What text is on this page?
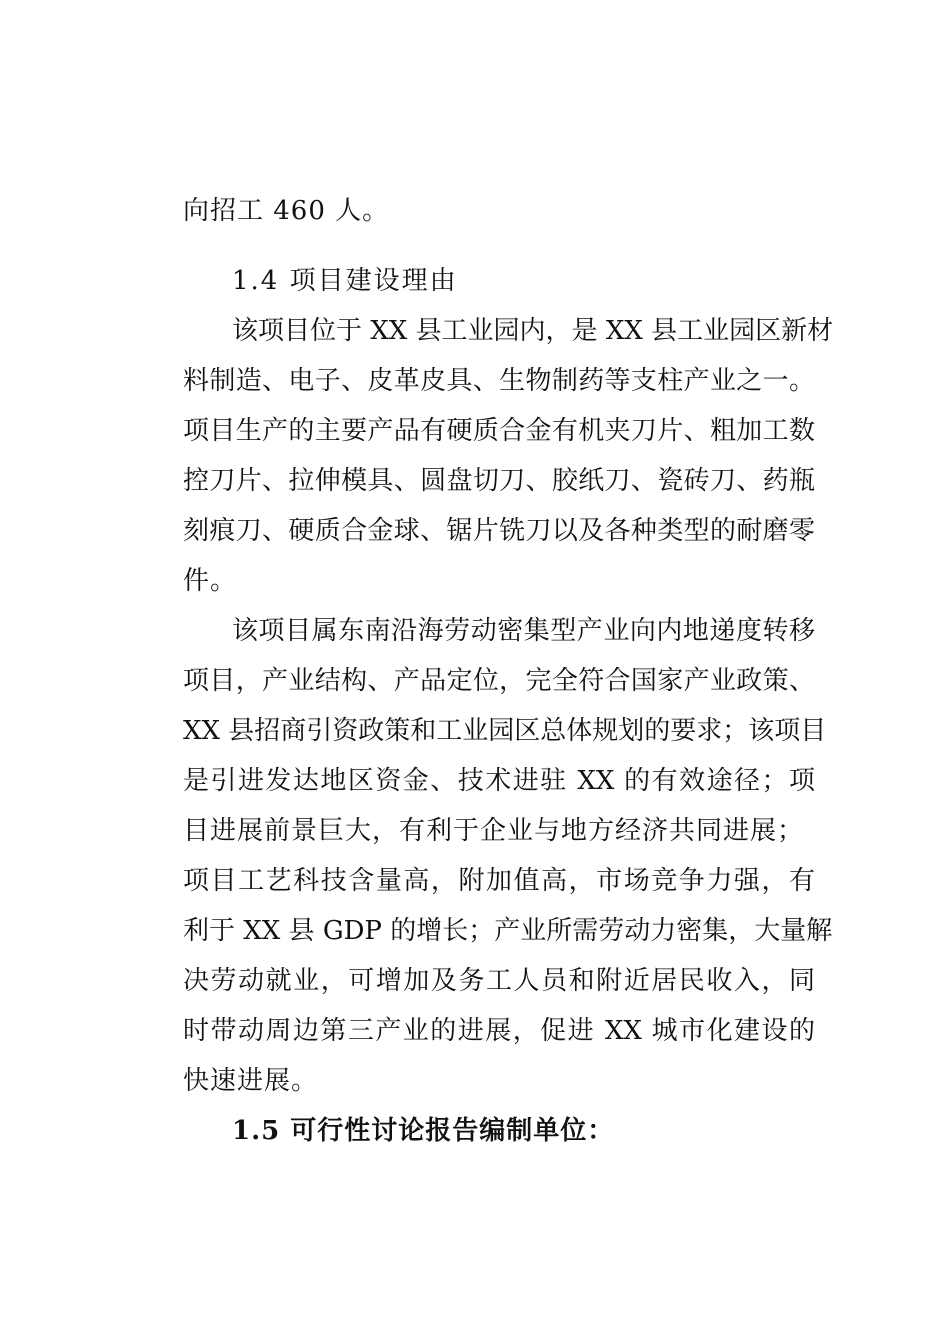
向招工 460 人。
1.4 项目建设理由
该项目位于 XX 县工业园内，是 XX 县工业园区新材
料制造、电子、皮革皮具、生物制药等支柱产业之一。
项目生产的主要产品有硬质合金有机夹刀片、粗加工数
控刀片、拉伸模具、圆盘切刀、胶纸刀、瓷砖刀、药瓶
刻痕刀、硬质合金球、锯片铣刀以及各种类型的耐磨零
件。
该项目属东南沿海劳动密集型产业向内地递度转移
项目，产业结构、产品定位，完全符合国家产业政策、
XX 县招商引资政策和工业园区总体规划的要求；该项目
是引进发达地区资金、技术进驻 XX 的有效途径；项
目进展前景巨大，有利于企业与地方经济共同进展；
项目工艺科技含量高，附加值高，市场竞争力强，有
利于 XX 县 GDP 的增长；产业所需劳动力密集，大量解
决劳动就业，可增加及务工人员和附近居民收入，同
时带动周边第三产业的进展，促进 XX 城市化建设的
快速进展。
1.5 可行性讨论报告编制单位：
